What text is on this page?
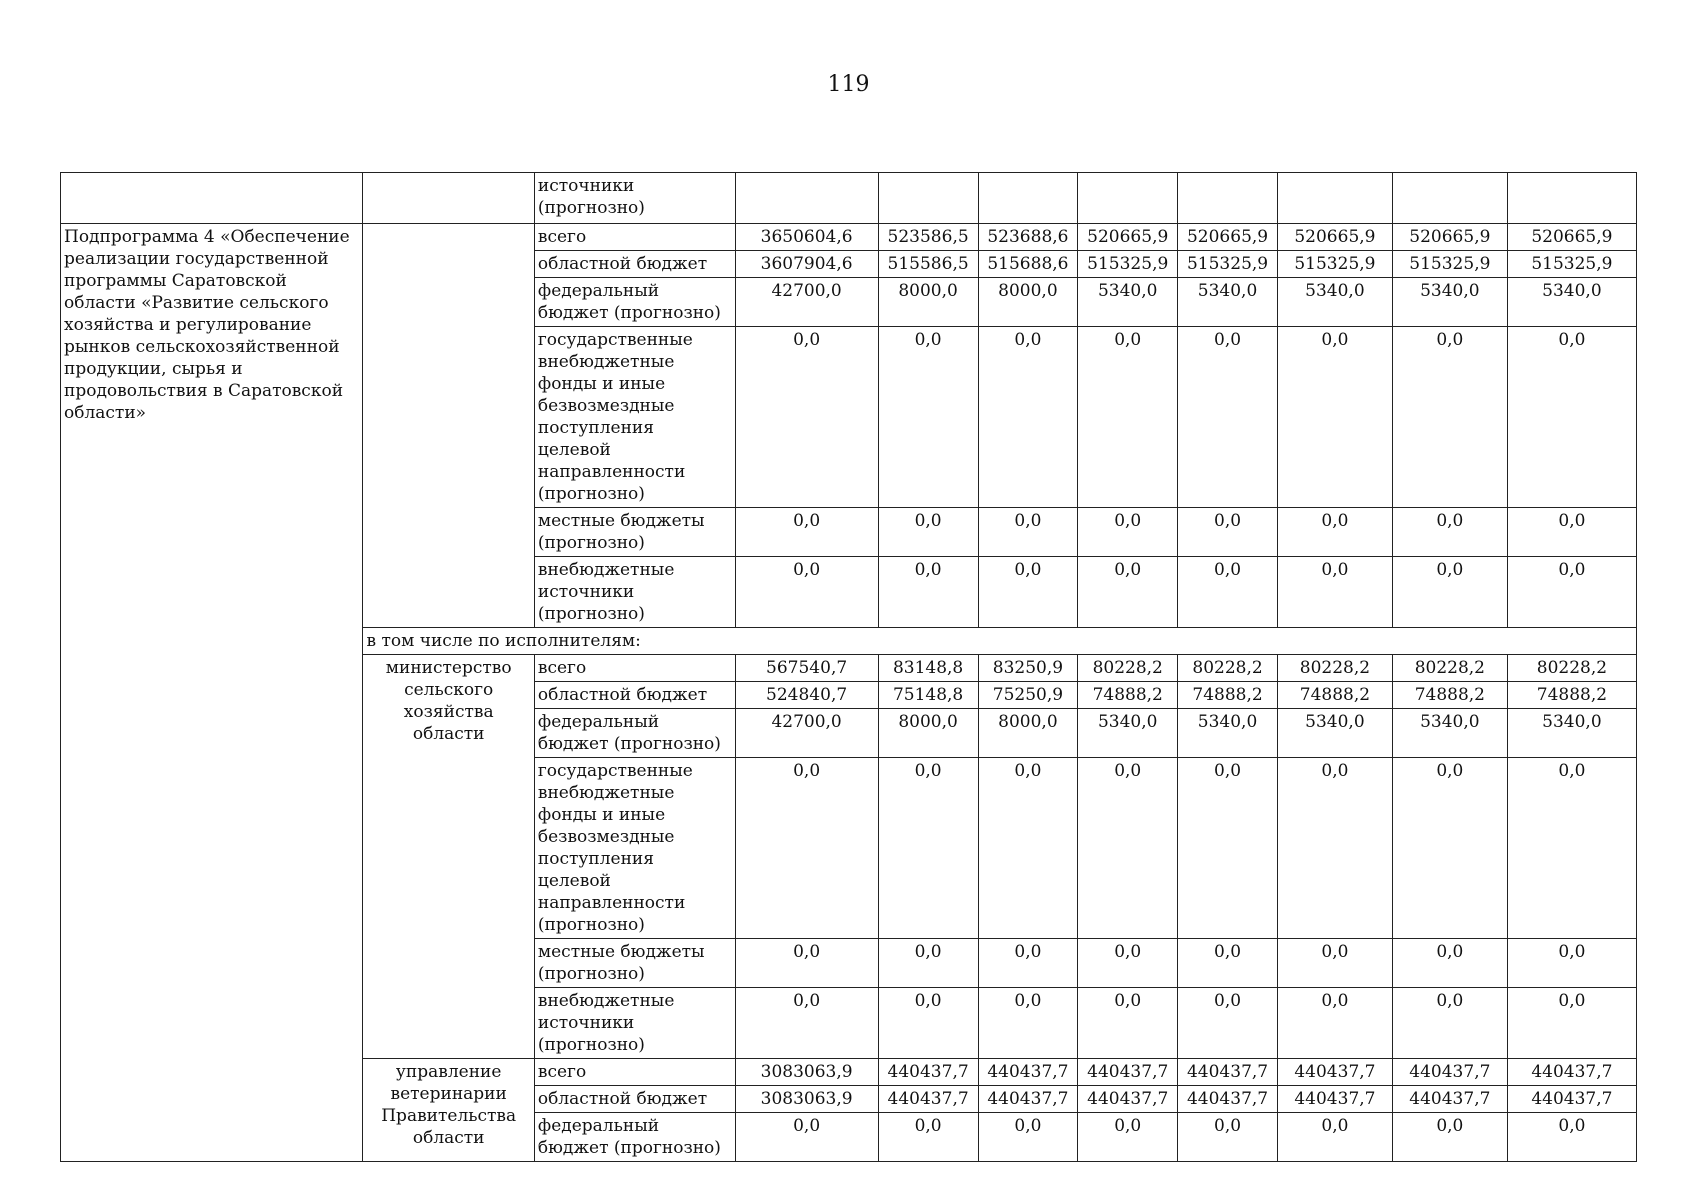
119
		источники (прогнозно)								
Подпрограмма 4 «Обеспечение реализации государственной программы Саратовской области «Развитие сельского хозяйства и регулирование рынков сельскохозяйственной продукции, сырья и продовольствия в Саратовской области»		всего	3650604,6	523586,5	523688,6	520665,9	520665,9	520665,9	520665,9	520665,9
		областной бюджет	3607904,6	515586,5	515688,6	515325,9	515325,9	515325,9	515325,9	515325,9
		федеральный бюджет (прогнозно)	42700,0	8000,0	8000,0	5340,0	5340,0	5340,0	5340,0	5340,0
		государственные внебюджетные фонды и иные безвозмездные поступления целевой направленности (прогнозно)	0,0	0,0	0,0	0,0	0,0	0,0	0,0	0,0
		местные бюджеты (прогнозно)	0,0	0,0	0,0	0,0	0,0	0,0	0,0	0,0
		внебюджетные источники (прогнозно)	0,0	0,0	0,0	0,0	0,0	0,0	0,0	0,0
	в том числе по исполнителям:									
	министерство сельского хозяйства области	всего	567540,7	83148,8	83250,9	80228,2	80228,2	80228,2	80228,2	80228,2
		областной бюджет	524840,7	75148,8	75250,9	74888,2	74888,2	74888,2	74888,2	74888,2
		федеральный бюджет (прогнозно)	42700,0	8000,0	8000,0	5340,0	5340,0	5340,0	5340,0	5340,0
		государственные внебюджетные фонды и иные безвозмездные поступления целевой направленности (прогнозно)	0,0	0,0	0,0	0,0	0,0	0,0	0,0	0,0
		местные бюджеты (прогнозно)	0,0	0,0	0,0	0,0	0,0	0,0	0,0	0,0
		внебюджетные источники (прогнозно)	0,0	0,0	0,0	0,0	0,0	0,0	0,0	0,0
	управление ветеринарии Правительства области	всего	3083063,9	440437,7	440437,7	440437,7	440437,7	440437,7	440437,7	440437,7
		областной бюджет	3083063,9	440437,7	440437,7	440437,7	440437,7	440437,7	440437,7	440437,7
		федеральный бюджет (прогнозно)	0,0	0,0	0,0	0,0	0,0	0,0	0,0	0,0
